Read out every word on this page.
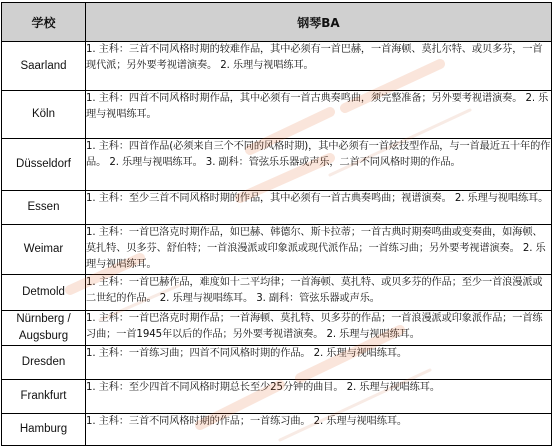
学校	钢琴BA
Saarland	1. 主科：三首不同风格时期的较难作品，其中必须有一首巴赫，一首海顿、莫扎尔特、或贝多芬，一首现代派；另外要考视谱演奏。 2. 乐理与视唱练耳。
Köln	1. 主科：四首不同风格时期作品，其中必须有一首古典奏鸣曲，须完整准备；另外要考视谱演奏。 2. 乐理与视唱练耳。
Düsseldorf	1. 主科：四首作品(必须来自三个不同的风格时期)，其中必须有一首炫技型作品，与一首最近五十年的作品。 2. 乐理与视唱练耳。 3. 副科：管弦乐乐器或声乐，二首不同风格时期的作品。
Essen	1. 主科：至少三首不同风格时期的作品，其中必须有一首古典奏鸣曲；视谱演奏。 2. 乐理与视唱练耳。
Weimar	1. 主科：一首巴洛克时期作品，如巴赫、韩德尔、斯卡拉蒂；一首古典时期奏鸣曲或变奏曲，如海顿、莫扎特、贝多芬、舒伯特；一首浪漫派或印象派或现代派作品；一首练习曲；另外要考视谱演奏。 2. 乐理与视唱练耳。
Detmold	1. 主科：一首巴赫作品，难度如十二平均律；一首海顿、莫扎特、或贝多芬的作品；至少一首浪漫派或二世纪的作品。 2. 乐理与视唱练耳。 3. 副科：管弦乐器或声乐。
Nürnberg / Augsburg	1. 主科：一首巴洛克时期作品；一首海顿、莫扎特、贝多芬的作品；一首浪漫派或印象派作品；一首练习曲；一首1945年以后的作品；另外要考视谱演奏。 2. 乐理与视唱练耳。
Dresden	1. 主科：一首练习曲；四首不同风格时期的作品。 2. 乐理与视唱练耳。
Frankfurt	1. 主科：至少四首不同风格时期总长至少25分钟的曲目。 2. 乐理与视唱练耳。
Hamburg	1. 主科：三首不同风格时期的作品；一首练习曲。 2. 乐理与视唱练耳。
